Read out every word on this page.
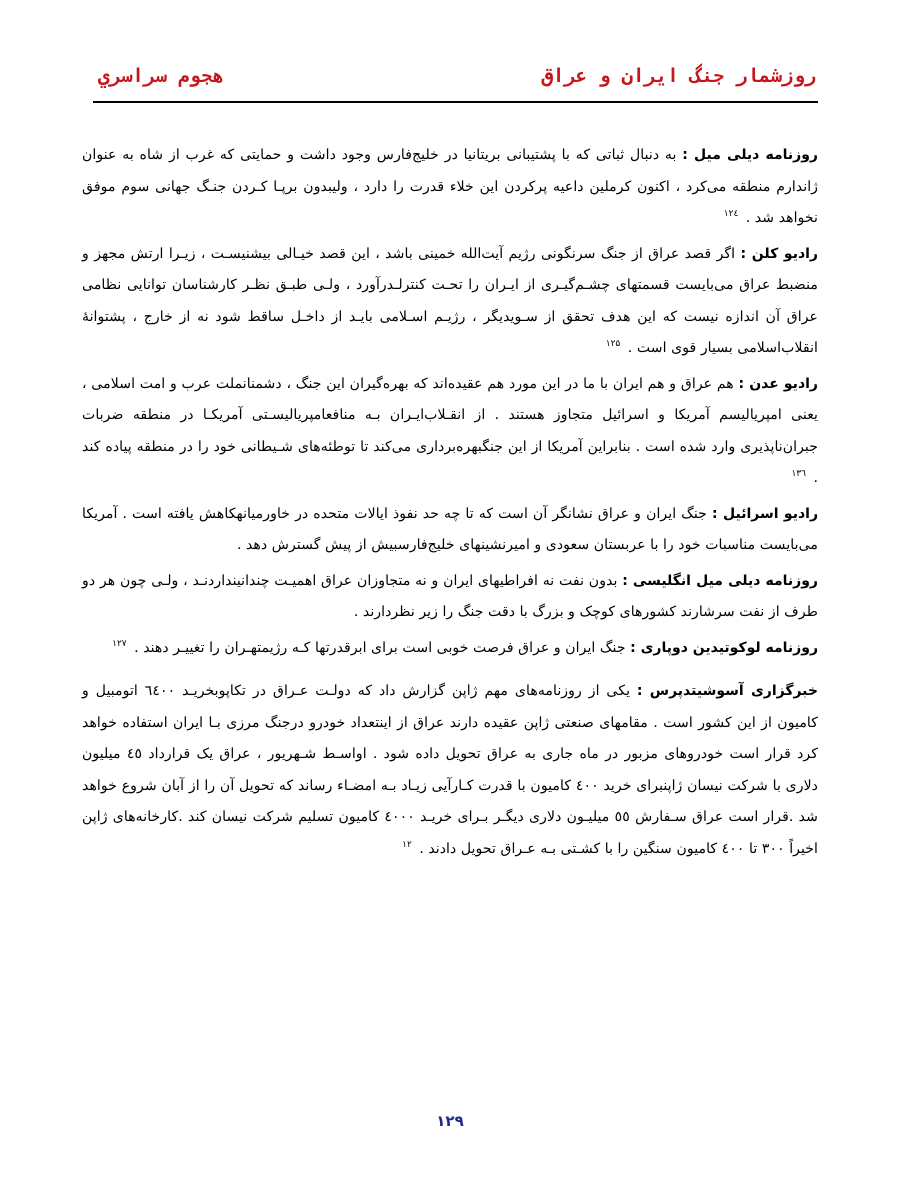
هجوم سراسري	روزشمار جنگ ايران و عراق

روزنامه ديلی ميل : به دنبال ثباتی که با پشتيبانی بريتانيا در خليج‌فارس وجود داشت و حمايتی که غرب از شاه به عنوان ژاندارم منطقه می‌کرد ، اکنون کرملين داعيه پرکردن اين خلاء قدرت را دارد ، وليبدون برپـا کـردن جنـگ جهانی سوم موفق نخواهد شد . $^{۱۲٤}$

راديو کلن : اگر قصد عراق از جنگ سرنگونی رژيم آيت‌الله خمينی باشد ، اين قصد خيـالی بيشنيسـت ، زيـرا ارتش مجهز و منضبط عراق می‌بايست قسمتهای چشـم‌گيـری از ايـران را تحـت کنترلـدرآورد ، ولـی طبـق نظـر کارشناسان توانايی نظامی عراق آن اندازه نيست که اين هدف تحقق از سـويديگر ، رژيـم اسـلامی بايـد از داخـل ساقط شود نه از خارج ، پشتوانۀ انقلاب‌اسلامی بسيار قوی است . $^{۱۲۵}$

راديو عدن : هم عراق و هم ايران با ما در اين مورد هم عقيده‌اند که بهره‌گيران اين جنگ ، دشمنانملت عرب و امت اسلامی ، يعنی امپرياليسم آمريکا و اسرائيل متجاوز هستند . از انقـلاب‌ايـران بـه منافعامپرياليسـتی آمريکـا در منطقه ضربات جبران‌ناپذيری وارد شده است . بنابراين آمريکا از اين جنگبهره‌برداری می‌کند تا توطئه‌های شـيطانی خود را در منطقه پياده کند . $^{۱۳٦}$

راديو اسرائيل : جنگ ايران و عراق نشانگر آن است که تا چه حد نفوذ ايالات متحده در خاورميانهکاهش يافته است . آمريکا می‌بايست مناسبات خود را با عربستان سعودی و اميرنشينهای خليج‌فارسبيش از پيش گسترش دهد .

روزنامه ديلی ميل انگليسی : بدون نفت نه افراطيهای ايران و نه متجاوزان عراق اهميـت چندانينداردنـد ، ولـی چون هر دو طرف از نفت سرشارند کشورهای کوچک و بزرگ با دقت جنگ را زير نظردارند .

روزنامه لوکوتيدين دوپاری : جنگ ايران و عراق فرصت خوبی است برای ابرقدرتها کـه رژيمتهـران را تغييـر دهند . $^{۱۲۷}$

خبرگزاری آسوشيتدپرس : يکی از روزنامه‌های مهم ژاپن گزارش داد که دولـت عـراق در تکاپوبخريـد ٦٤٠٠ اتومبيل و کاميون از اين کشور است . مقامهای صنعتی ژاپن عقيده دارند عراق از اينتعداد خودرو درجنگ مرزی بـا ايران استفاده خواهد کرد قرار است خودروهای مزبور در ماه جاری به عراق تحويل داده شود . اواسـط شـهريور ، عراق يک قرارداد ٤٥ ميليون دلاری با شرکت نيسان ژاپنبرای خريد ٤٠٠ کاميون با قدرت کـارآيی زيـاد بـه امضـاء رساند که تحويل آن را از آبان شروع خواهد شد .قرار است عراق سـفارش ٥٥ ميليـون دلاری ديگـر بـرای خريـد ٤٠٠٠ کاميون تسليم شرکت نيسان کند .کارخانه‌های ژاپن اخيراً ۳۰۰ تا ٤٠٠ کاميون سنگين را با کشـتی بـه عـراق تحويل دادند . $^{۱۲}$

۱۲۹
